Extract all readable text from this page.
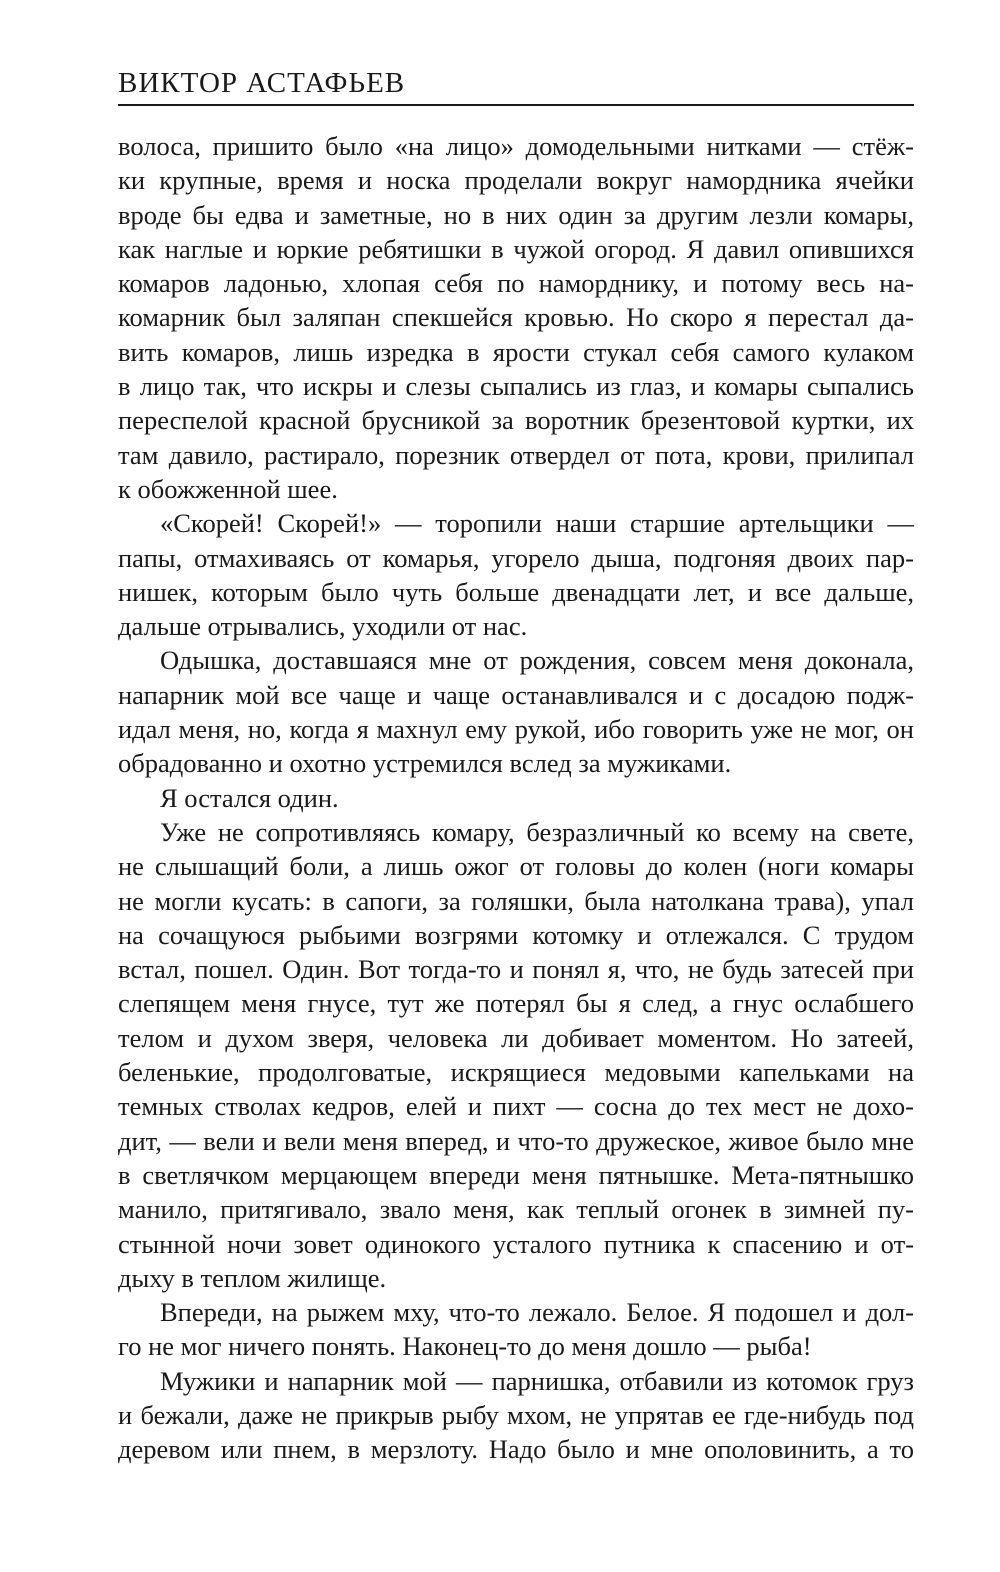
ВИКТОР АСТАФЬЕВ
волоса, пришито было «на лицо» домодельными нитками — стёж-
ки крупные, время и носка проделали вокруг намордника ячейки
вроде бы едва и заметные, но в них один за другим лезли комары,
как наглые и юркие ребятишки в чужой огород. Я давил опившихся
комаров ладонью, хлопая себя по наморднику, и потому весь на-
комарник был заляпан спекшейся кровью. Но скоро я перестал да-
вить комаров, лишь изредка в ярости стукал себя самого кулаком
в лицо так, что искры и слезы сыпались из глаз, и комары сыпались
переспелой красной брусникой за воротник брезентовой куртки, их
там давило, растирало, порезник отвердел от пота, крови, прилипал
к обожженной шее.
«Скорей! Скорей!» — торопили наши старшие артельщики —
папы, отмахиваясь от комарья, угорело дыша, подгоняя двоих пар-
нишек, которым было чуть больше двенадцати лет, и все дальше,
дальше отрывались, уходили от нас.
Одышка, доставшаяся мне от рождения, совсем меня доконала,
напарник мой все чаще и чаще останавливался и с досадою подж-
идал меня, но, когда я махнул ему рукой, ибо говорить уже не мог, он
обрадованно и охотно устремился вслед за мужиками.
Я остался один.
Уже не сопротивляясь комару, безразличный ко всему на свете,
не слышащий боли, а лишь ожог от головы до колен (ноги комары
не могли кусать: в сапоги, за голяшки, была натолкана трава), упал
на сочащуюся рыбьими возгрями котомку и отлежался. С трудом
встал, пошел. Один. Вот тогда-то и понял я, что, не будь затесей при
слепящем меня гнусе, тут же потерял бы я след, а гнус ослабшего
телом и духом зверя, человека ли добивает моментом. Но затеей,
беленькие, продолговатые, искрящиеся медовыми капельками на
темных стволах кедров, елей и пихт — сосна до тех мест не дохо-
дит, — вели и вели меня вперед, и что-то дружеское, живое было мне
в светлячком мерцающем впереди меня пятнышке. Мета-пятнышко
манило, притягивало, звало меня, как теплый огонек в зимней пу-
стынной ночи зовет одинокого усталого путника к спасению и от-
дыху в теплом жилище.
Впереди, на рыжем мху, что-то лежало. Белое. Я подошел и дол-
го не мог ничего понять. Наконец-то до меня дошло — рыба!
Мужики и напарник мой — парнишка, отбавили из котомок груз
и бежали, даже не прикрыв рыбу мхом, не упрятав ее где-нибудь под
деревом или пнем, в мерзлоту. Надо было и мне ополовинить, а то
